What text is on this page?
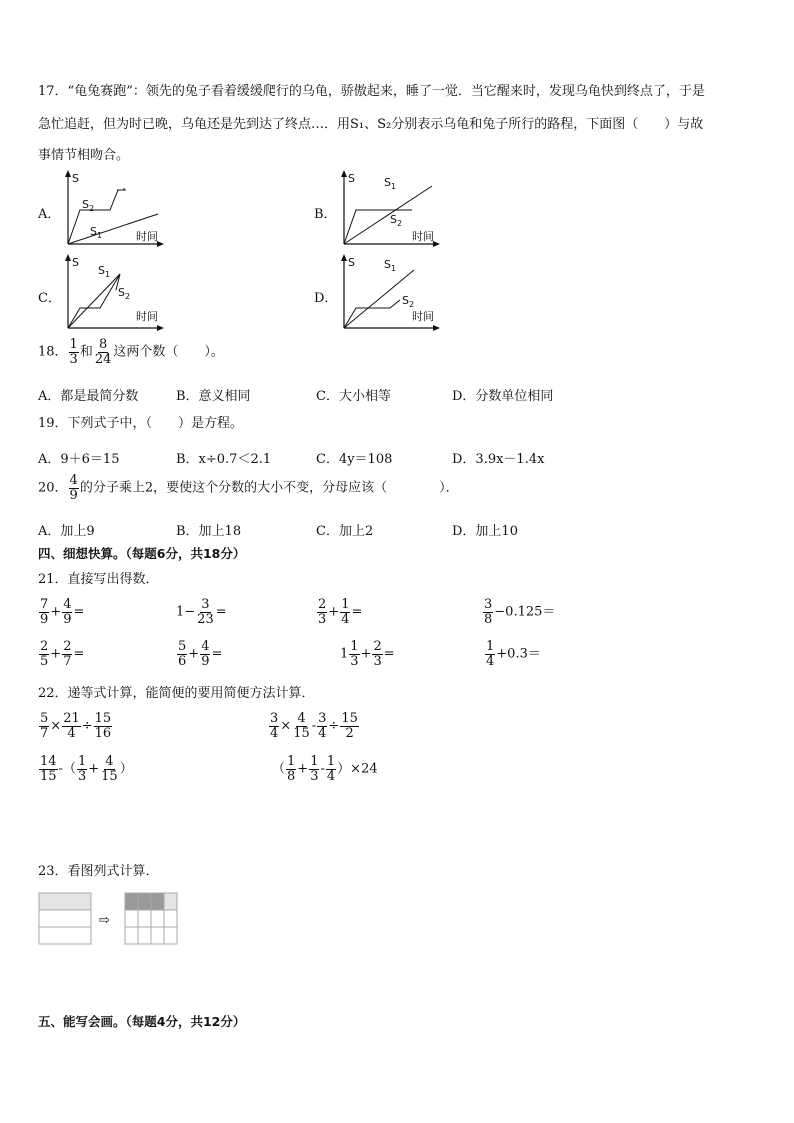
17．“龟兔赛跑”：领先的兔子看着缓缓爬行的乌龟，骄傲起来，睡了一觉．当它醒来时，发现乌龟快到终点了，于是
急忙追赶，但为时已晚，乌龟还是先到达了终点…．用S₁、S₂分别表示乌龟和兔子所行的路程，下面图（　　）与故
事情节相吻合。
A．	B．
C．	D．
S
$S_2$
$S_1$	时间
S	$S_1$
$S_2$
时间
S
$S_1$
$S_2$
时间
S	$S_1$
$S_2$
时间
18． $\frac{1}{3}$ 和 $\frac{8}{24}$ 这两个数（　　）。
A．都是最简分数	B．意义相同	C．大小相等	D．分数单位相同
19．下列式子中，（　　）是方程。
A．9＋6＝15	B．x÷0.7＜2.1	C．4y＝108	D．3.9x－1.4x
20． $\frac{4}{9}$ 的分子乘上2，要使这个分数的大小不变，分母应该（　　　　）．
A．加上9	B．加上18	C．加上2	D．加上10
四、细想快算。（每题6分，共18分）
21．直接写出得数．
$\frac{7}{9} + \frac{4}{9}$ =	$1- \frac{3}{23}$ =	$\frac{2}{3} + \frac{1}{4}$ =	$\frac{3}{8} -0.125=$
$\frac{2}{5} + \frac{2}{7}$ =	$\frac{5}{6} + \frac{4}{9}$ =	$1 \frac{1}{3} + \frac{2}{3}$ =	$\frac{1}{4} +0.3=$
22．递等式计算，能简便的要用简便方法计算．
$\frac{5}{7} \times \frac{21}{4} \div \frac{15}{16}$	$\frac{3}{4} \times \frac{4}{15} - \frac{3}{4} \div \frac{15}{2}$
$\frac{14}{15}$ -（ $\frac{1}{3} + \frac{4}{15}$ ）	（ $\frac{1}{8} + \frac{1}{3} - \frac{1}{4} )\times 24$
23．看图列式计算．
⇨
五、能写会画。（每题4分，共12分）
